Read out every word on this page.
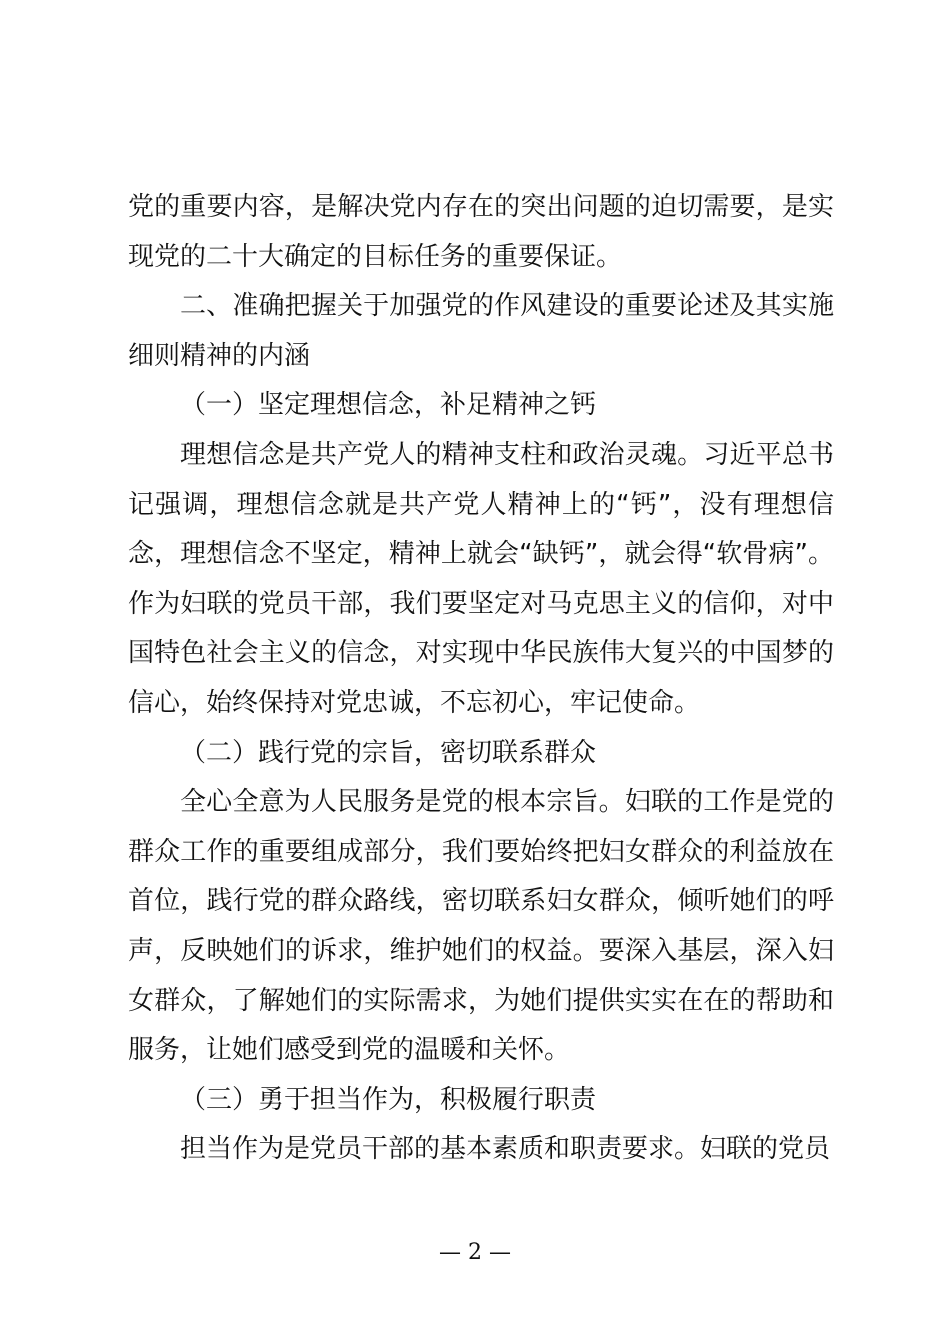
党的重要内容，是解决党内存在的突出问题的迫切需要，是实现党的二十大确定的目标任务的重要保证。

二、准确把握关于加强党的作风建设的重要论述及其实施细则精神的内涵

（一）坚定理想信念，补足精神之钙

理想信念是共产党人的精神支柱和政治灵魂。习近平总书记强调，理想信念就是共产党人精神上的“钙”，没有理想信念，理想信念不坚定，精神上就会“缺钙”，就会得“软骨病”。作为妇联的党员干部，我们要坚定对马克思主义的信仰，对中国特色社会主义的信念，对实现中华民族伟大复兴的中国梦的信心，始终保持对党忠诚，不忘初心，牢记使命。

（二）践行党的宗旨，密切联系群众

全心全意为人民服务是党的根本宗旨。妇联的工作是党的群众工作的重要组成部分，我们要始终把妇女群众的利益放在首位，践行党的群众路线，密切联系妇女群众，倾听她们的呼声，反映她们的诉求，维护她们的权益。要深入基层，深入妇女群众，了解她们的实际需求，为她们提供实实在在的帮助和服务，让她们感受到党的温暖和关怀。

（三）勇于担当作为，积极履行职责

担当作为是党员干部的基本素质和职责要求。妇联的党员

— 2 —
